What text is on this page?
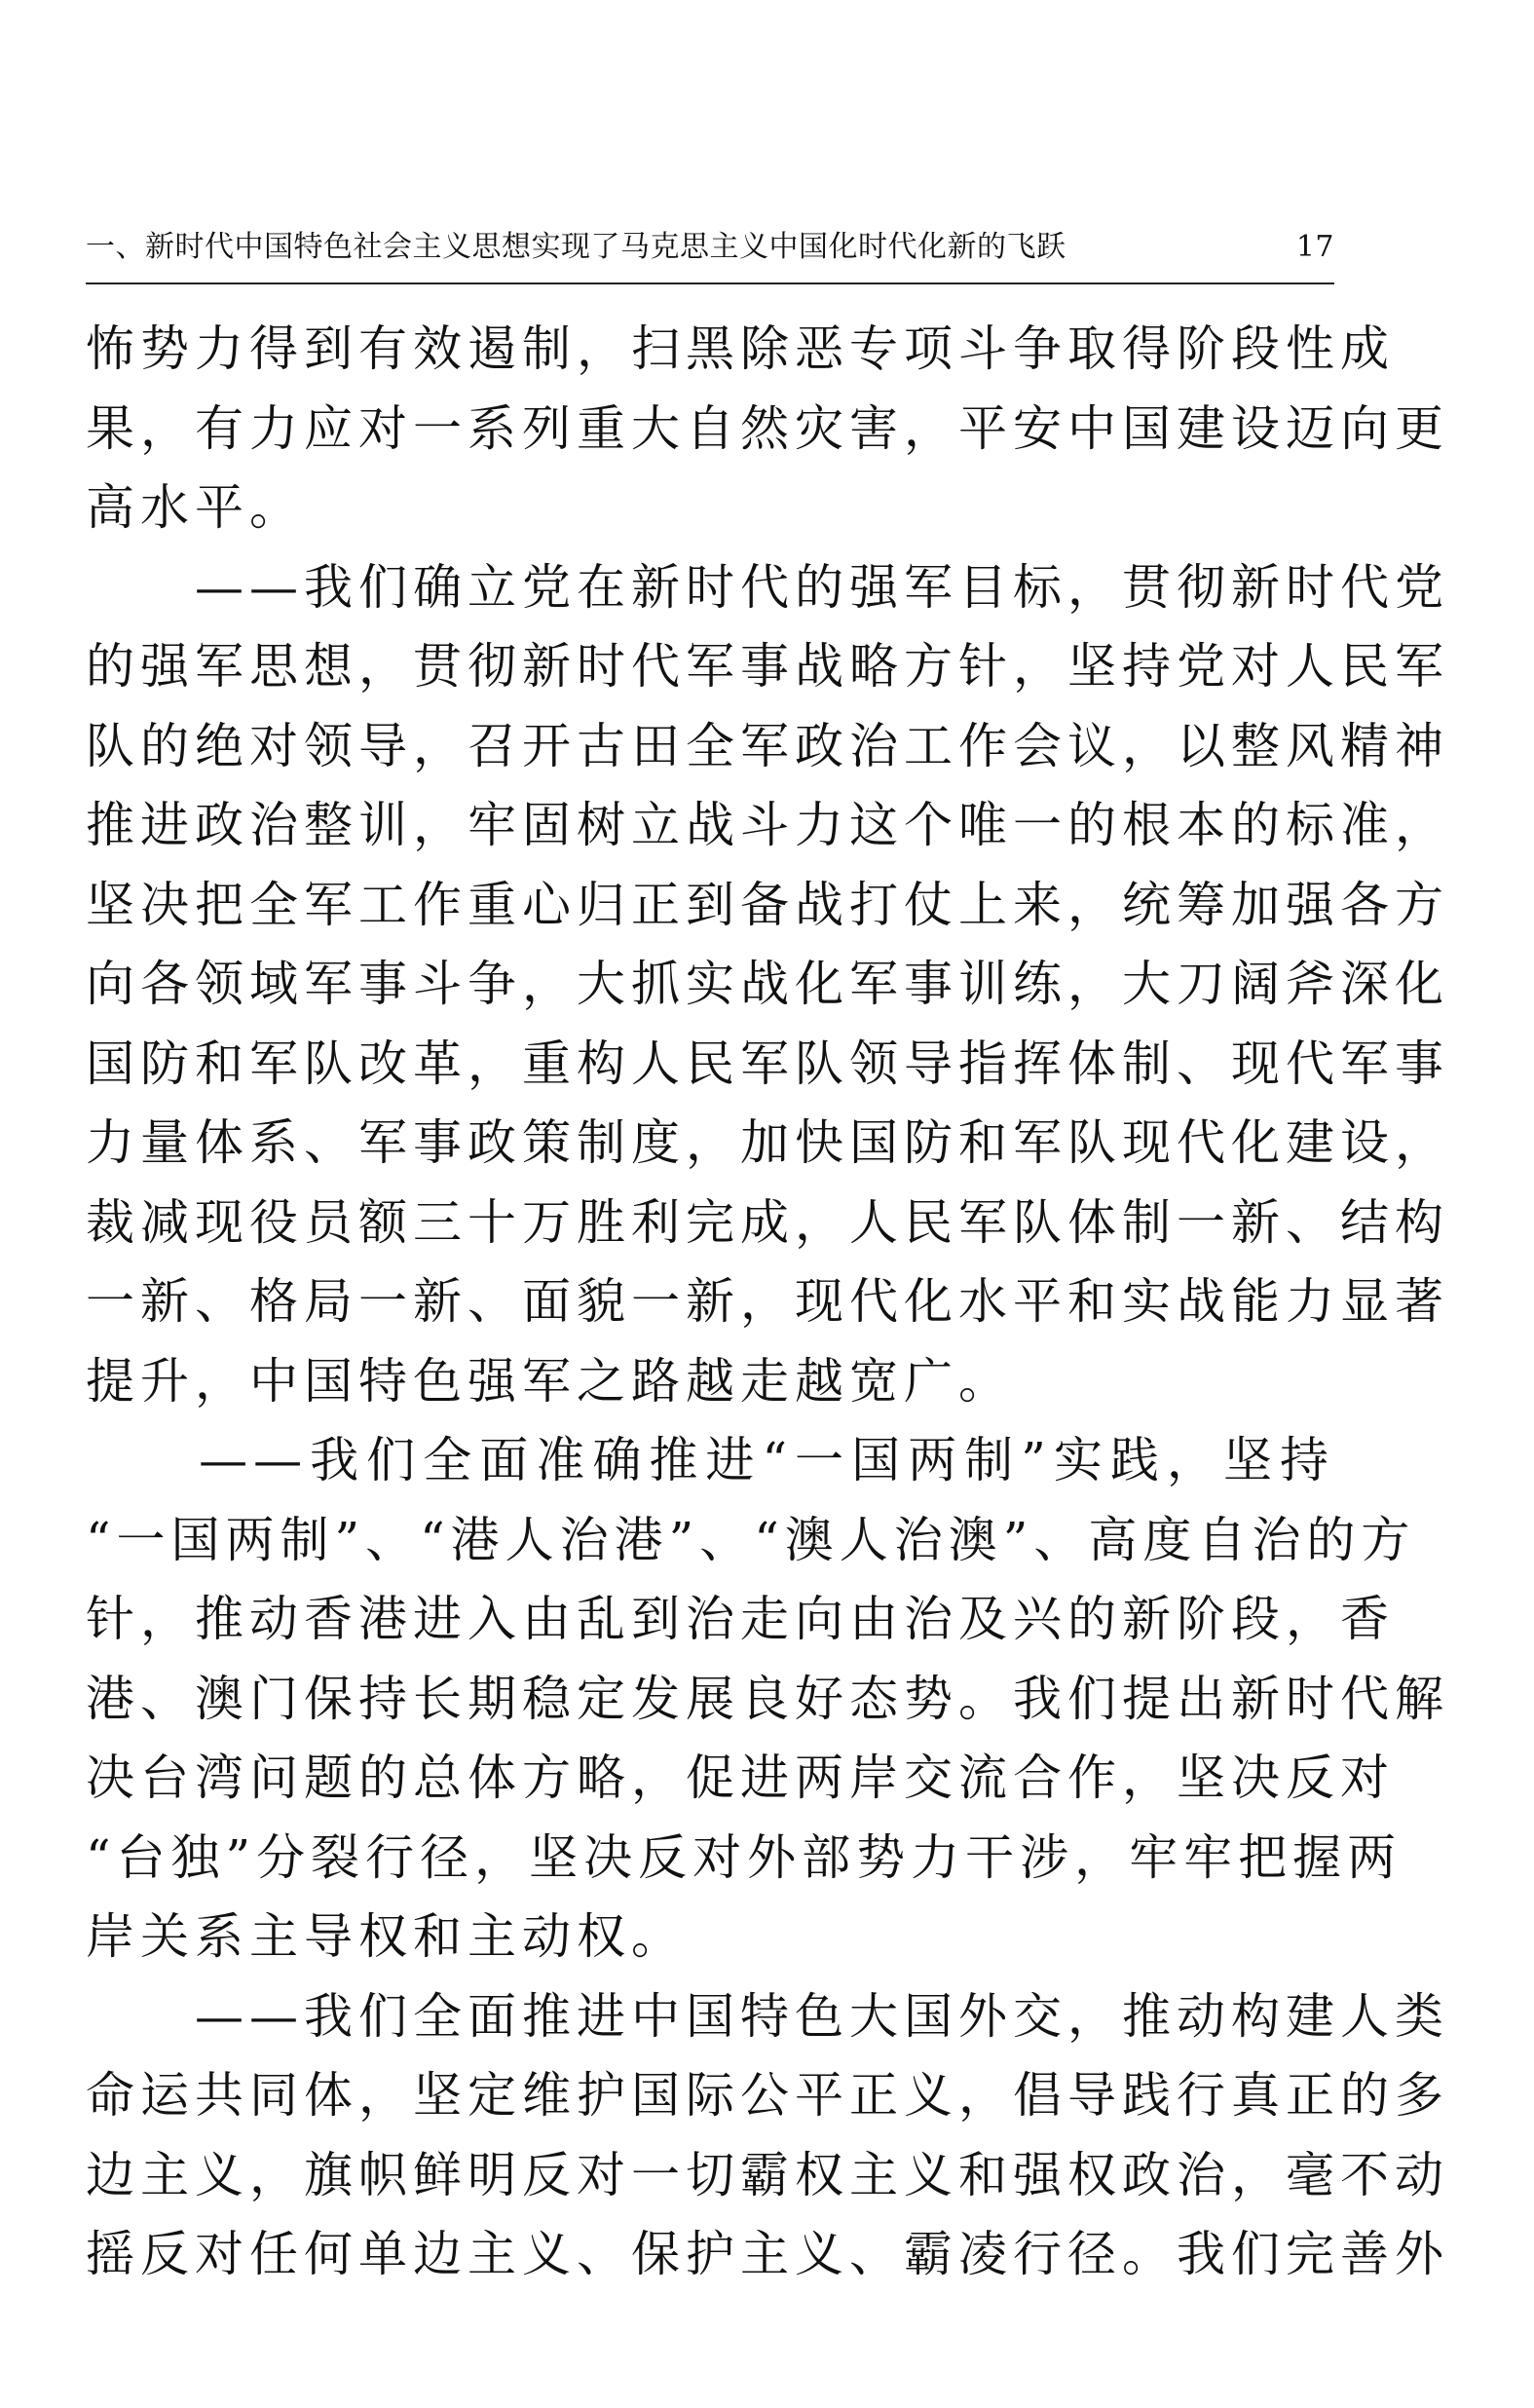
一、新时代中国特色社会主义思想实现了马克思主义中国化时代化新的飞跃	17
怖势力得到有效遏制，扫黑除恶专项斗争取得阶段性成
果，有力应对一系列重大自然灾害，平安中国建设迈向更
高水平。
　　——我们确立党在新时代的强军目标，贯彻新时代党
的强军思想，贯彻新时代军事战略方针，坚持党对人民军
队的绝对领导，召开古田全军政治工作会议，以整风精神
推进政治整训，牢固树立战斗力这个唯一的根本的标准，
坚决把全军工作重心归正到备战打仗上来，统筹加强各方
向各领域军事斗争，大抓实战化军事训练，大刀阔斧深化
国防和军队改革，重构人民军队领导指挥体制、现代军事
力量体系、军事政策制度，加快国防和军队现代化建设，
裁减现役员额三十万胜利完成，人民军队体制一新、结构
一新、格局一新、面貌一新，现代化水平和实战能力显著
提升，中国特色强军之路越走越宽广。
　　——我们全面准确推进“一国两制”实践，坚持
“一国两制”、“港人治港”、“澳人治澳”、高度自治的方
针，推动香港进入由乱到治走向由治及兴的新阶段，香
港、澳门保持长期稳定发展良好态势。我们提出新时代解
决台湾问题的总体方略，促进两岸交流合作，坚决反对
“台独”分裂行径，坚决反对外部势力干涉，牢牢把握两
岸关系主导权和主动权。
　　——我们全面推进中国特色大国外交，推动构建人类
命运共同体，坚定维护国际公平正义，倡导践行真正的多
边主义，旗帜鲜明反对一切霸权主义和强权政治，毫不动
摇反对任何单边主义、保护主义、霸凌行径。我们完善外
